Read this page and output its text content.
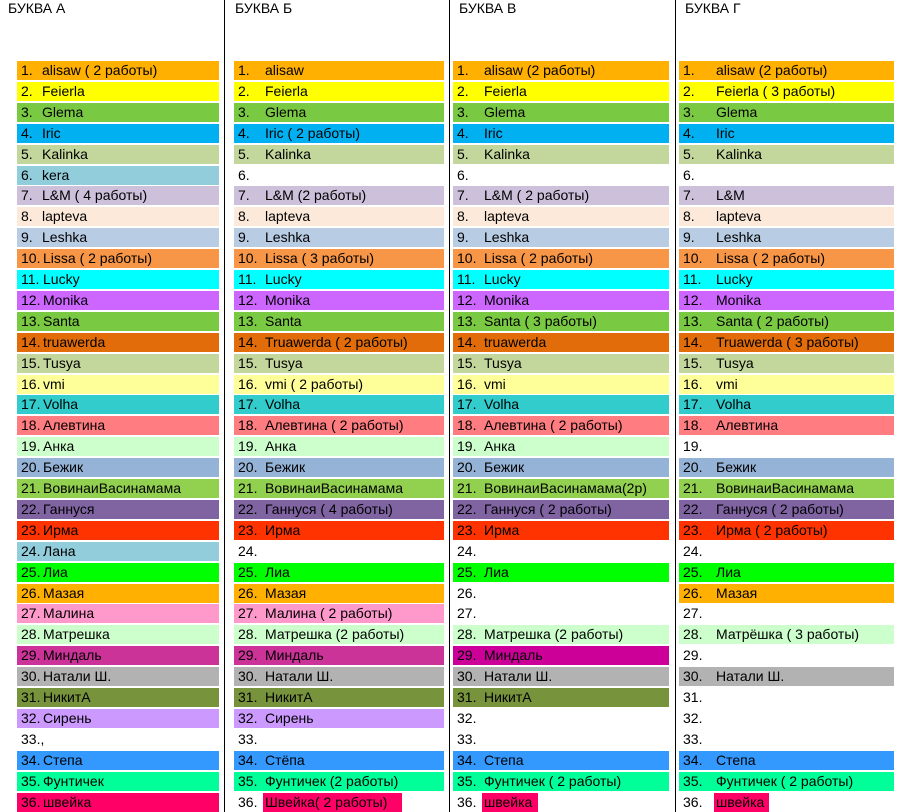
БУКВА А
1. alisaw ( 2 работы)
2. Feierla
3. Glema
4. Iric
5. Kalinka
6. kera
7. L&M ( 4 работы)
8. lapteva
9. Leshka
10. Lissa ( 2 работы)
11. Lucky
12. Monika
13. Santa
14. truawerda
15. Tusya
16. vmi
17. Volha
18. Алевтина
19. Анка
20. Бежик
21. ВовинаиВасинамама
22. Ганнуся
23. Ирма
24. Лана
25. Лиа
26. Мазая
27. Малина
28. Матрешка
29. Миндаль
30. Натали Ш.
31. НикитА
32. Сирень
33.,
34. Степа
35. Фунтичек
36. швейка
БУКВА Б
1. alisaw
2. Feierla
3. Glema
4. Iric ( 2 работы)
5. Kalinka
6.
7. L&M (2 работы)
8. lapteva
9. Leshka
10. Lissa ( 3 работы)
11. Lucky
12. Monika
13. Santa
14. Truawerda ( 2 работы)
15. Tusya
16. vmi ( 2 работы)
17. Volha
18. Алевтина ( 2 работы)
19. Анка
20. Бежик
21. ВовинаиВасинамама
22. Ганнуся ( 4 работы)
23. Ирма
24.
25. Лиа
26. Мазая
27. Малина ( 2 работы)
28. Матрешка (2 работы)
29. Миндаль
30. Натали Ш.
31. НикитА
32. Сирень
33.
34. Стёпа
35. Фунтичек (2 работы)
36. Швейка( 2 работы)
БУКВА В
1. alisaw (2 работы)
2. Feierla
3. Glema
4. Iric
5. Kalinka
6.
7. L&M ( 2 работы)
8. lapteva
9. Leshka
10. Lissa ( 2 работы)
11. Lucky
12. Monika
13. Santa ( 3 работы)
14. truawerda
15. Tusya
16. vmi
17. Volha
18. Алевтина ( 2 работы)
19. Анка
20. Бежик
21. ВовинаиВасинамама(2р)
22. Ганнуся ( 2 работы)
23. Ирма
24.
25. Лиа
26.
27.
28. Матрешка (2 работы)
29. Миндаль
30. Натали Ш.
31. НикитА
32.
33.
34. Степа
35. Фунтичек ( 2 работы)
36. швейка
БУКВА Г
1. alisaw (2 работы)
2. Feierla ( 3 работы)
3. Glema
4. Iric
5. Kalinka
6.
7. L&M
8. lapteva
9. Leshka
10. Lissa ( 2 работы)
11. Lucky
12. Monika
13. Santa ( 2 работы)
14. Truawerda ( 3 работы)
15. Tusya
16. vmi
17. Volha
18. Алевтина
19.
20. Бежик
21. ВовинаиВасинамама
22. Ганнуся ( 2 работы)
23. Ирма ( 2 работы)
24.
25. Лиа
26. Мазая
27.
28. Матрёшка ( 3 работы)
29.
30. Натали Ш.
31.
32.
33.
34. Степа
35. Фунтичек ( 2 работы)
36. швейка
